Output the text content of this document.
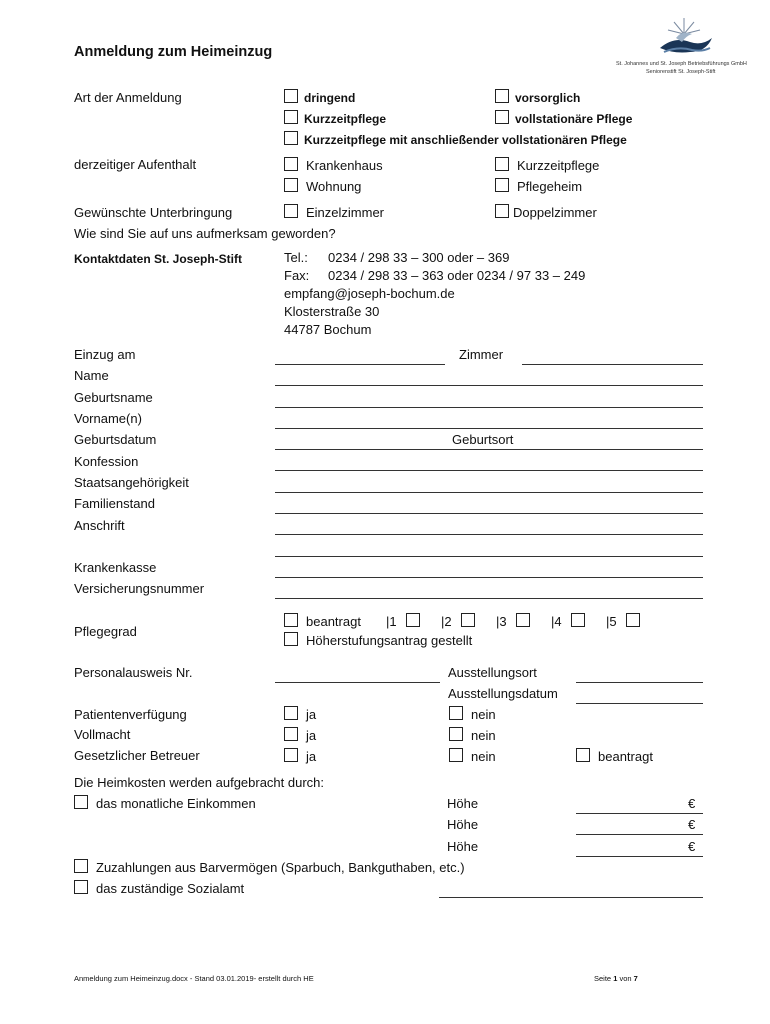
Anmeldung zum Heimeinzug
St. Johannes und St. Joseph Betriebsführungs GmbH
Seniorenstift St. Joseph-Stift
Art der Anmeldung	dringend	vorsorglich
Kurzzeitpflege	vollstationäre Pflege
Kurzzeitpflege mit anschließender vollstationären Pflege
derzeitiger Aufenthalt	Krankenhaus	Kurzzeitpflege
Wohnung	Pflegeheim
Gewünschte Unterbringung	Einzelzimmer	Doppelzimmer
Wie sind Sie auf uns aufmerksam geworden?
Kontaktdaten St. Joseph-Stift	Tel.: 0234 / 298 33 – 300 oder – 369
Fax: 0234 / 298 33 – 363 oder 0234 / 97 33 – 249
empfang@joseph-bochum.de
Klosterstraße 30
44787 Bochum
Einzug am	Zimmer
Name
Geburtsname
Vorname(n)
Geburtsdatum	Geburtsort
Konfession
Staatsangehörigkeit
Familienstand
Anschrift
Krankenkasse
Versicherungsnummer
Pflegegrad
beantragt |1	|2	|3	|4	|5
Höherstufungsantrag gestellt
Personalausweis Nr.	Ausstellungsort
Ausstellungsdatum
Patientenverfügung	ja	nein
Vollmacht	ja	nein
Gesetzlicher Betreuer	ja	nein	beantragt
Die Heimkosten werden aufgebracht durch:
das monatliche Einkommen	Höhe	€
Höhe	€
Höhe	€
Zuzahlungen aus Barvermögen (Sparbuch, Bankguthaben, etc.)
das zuständige Sozialamt
Anmeldung zum Heimeinzug.docx - Stand 03.01.2019- erstellt durch HE	Seite 1 von 7
